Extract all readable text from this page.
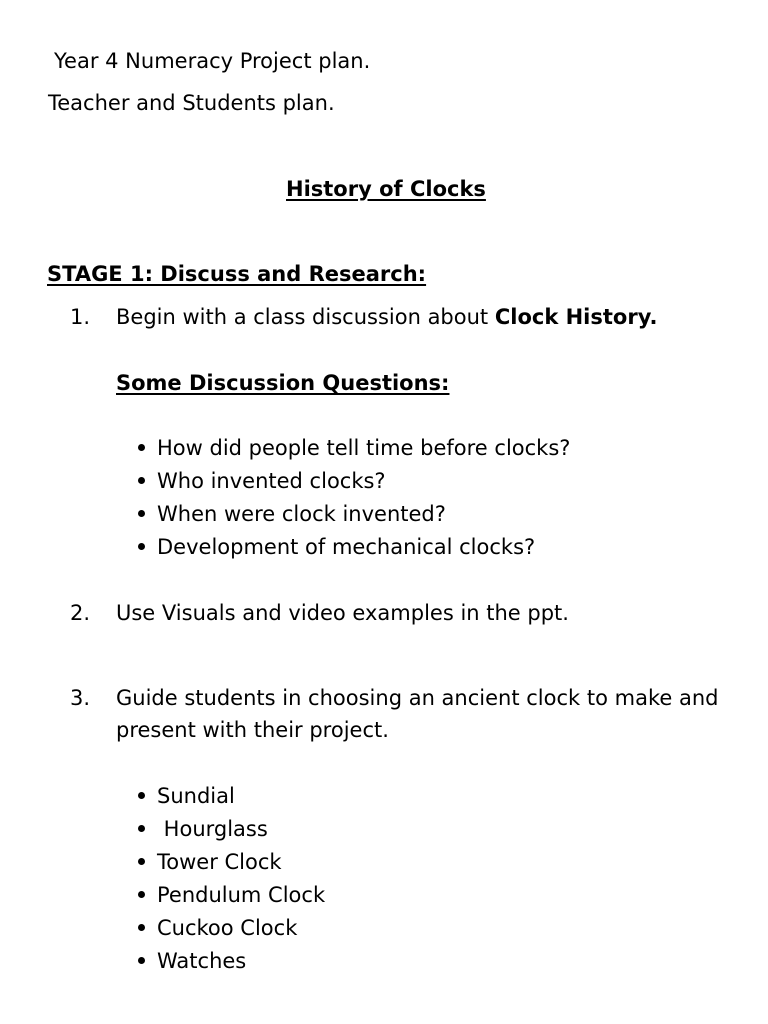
Year 4 Numeracy Project plan.
Teacher and Students plan.
History of Clocks
STAGE 1: Discuss and Research:
1. Begin with a class discussion about Clock History.
Some Discussion Questions:
How did people tell time before clocks?
Who invented clocks?
When were clock invented?
Development of mechanical clocks?
2. Use Visuals and video examples in the ppt.
3. Guide students in choosing an ancient clock to make and
present with their project.
Sundial
Hourglass
Tower Clock
Pendulum Clock
Cuckoo Clock
Watches
